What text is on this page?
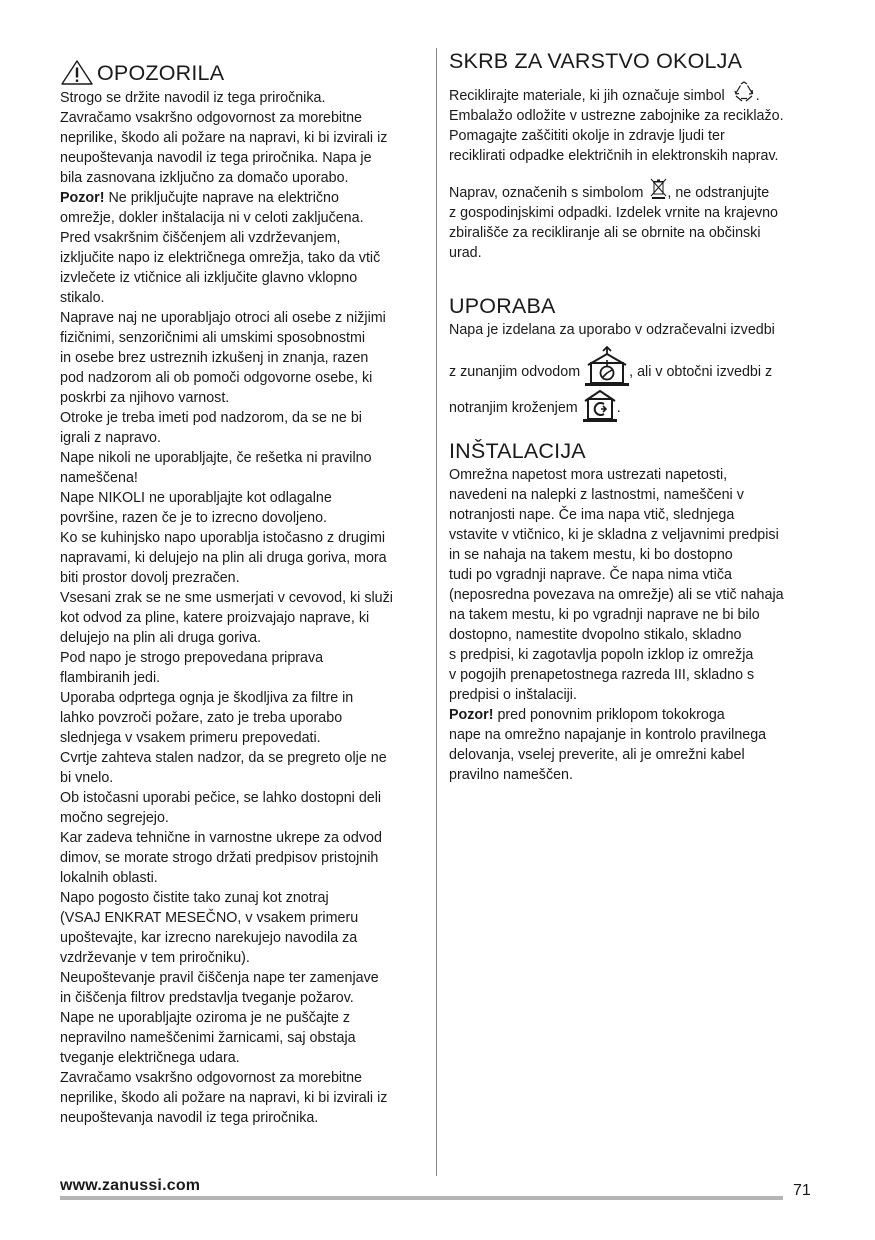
OPOZORILA

Strogo se držite navodil iz tega priročnika.

Zavračamo vsakršno odgovornost za morebitne

neprilike, škodo ali požare na napravi, ki bi izvirali iz

neupoštevanja navodil iz tega priročnika. Napa je

bila zasnovana izključno za domačo uporabo.

Pozor! Ne priključujte naprave na električno

omrežje, dokler inštalacija ni v celoti zaključena.

Pred vsakršnim čiščenjem ali vzdrževanjem,

izključite napo iz električnega omrežja, tako da vtič

izvlečete iz vtičnice ali izključite glavno vklopno

stikalo.

Naprave naj ne uporabljajo otroci ali osebe z nižjimi

fizičnimi, senzoričnimi ali umskimi sposobnostmi

in osebe brez ustreznih izkušenj in znanja, razen

pod nadzorom ali ob pomoči odgovorne osebe, ki

poskrbi za njihovo varnost.

Otroke je treba imeti pod nadzorom, da se ne bi

igrali z napravo.

Nape nikoli ne uporabljajte, če rešetka ni pravilno

nameščena!

Nape NIKOLI ne uporabljajte kot odlagalne

površine, razen če je to izrecno dovoljeno.

Ko se kuhinjsko napo uporablja istočasno z drugimi

napravami, ki delujejo na plin ali druga goriva, mora

biti prostor dovolj prezračen.

Vsesani zrak se ne sme usmerjati v cevovod, ki služi

kot odvod za pline, katere proizvajajo naprave, ki

delujejo na plin ali druga goriva.

Pod napo je strogo prepovedana priprava

flambiranih jedi.

Uporaba odprtega ognja je škodljiva za filtre in

lahko povzroči požare, zato je treba uporabo

slednjega v vsakem primeru prepovedati.

Cvrtje zahteva stalen nadzor, da se pregreto olje ne

bi vnelo.

Ob istočasni uporabi pečice, se lahko dostopni deli

močno segrejejo.

Kar zadeva tehnične in varnostne ukrepe za odvod

dimov, se morate strogo držati predpisov pristojnih

lokalnih oblasti.

Napo pogosto čistite tako zunaj kot znotraj

(VSAJ ENKRAT MESEČNO, v vsakem primeru

upoštevajte, kar izrecno narekujejo navodila za

vzdrževanje v tem priročniku).

Neupoštevanje pravil čiščenja nape ter zamenjave

in čiščenja filtrov predstavlja tveganje požarov.

Nape ne uporabljajte oziroma je ne puščajte z

nepravilno nameščenimi žarnicami, saj obstaja

tveganje električnega udara.

Zavračamo vsakršno odgovornost za morebitne

neprilike, škodo ali požare na napravi, ki bi izvirali iz

neupoštevanja navodil iz tega priročnika.

SKRB ZA VARSTVO OKOLJA

Reciklirajte materiale, ki jih označuje simbol .

Embalažo odložite v ustrezne zabojnike za reciklažo.

Pomagajte zaščititi okolje in zdravje ljudi ter

reciklirati odpadke električnih in elektronskih naprav.

Naprav, označenih s simbolom , ne odstranjujte

z gospodinjskimi odpadki. Izdelek vrnite na krajevno

zbirališče za recikliranje ali se obrnite na občinski

urad.

UPORABA

Napa je izdelana za uporabo v odzračevalni izvedbi

z zunanjim odvodom	, ali v obtočni izvedbi z
notranjim kroženjem	.
INŠTALACIJA

Omrežna napetost mora ustrezati napetosti,

navedeni na nalepki z lastnostmi, nameščeni v

notranjosti nape. Če ima napa vtič, slednjega

vstavite v vtičnico, ki je skladna z veljavnimi predpisi

in se nahaja na takem mestu, ki bo dostopno

tudi po vgradnji naprave. Če napa nima vtiča

(neposredna povezava na omrežje) ali se vtič nahaja

na takem mestu, ki po vgradnji naprave ne bi bilo

dostopno, namestite dvopolno stikalo, skladno

s predpisi, ki zagotavlja popoln izklop iz omrežja

v pogojih prenapetostnega razreda III, skladno s

predpisi o inštalaciji.

Pozor! pred ponovnim priklopom tokokroga

nape na omrežno napajanje in kontrolo pravilnega

delovanja, vselej preverite, ali je omrežni kabel

pravilno nameščen.

www.zanussi.com	71
